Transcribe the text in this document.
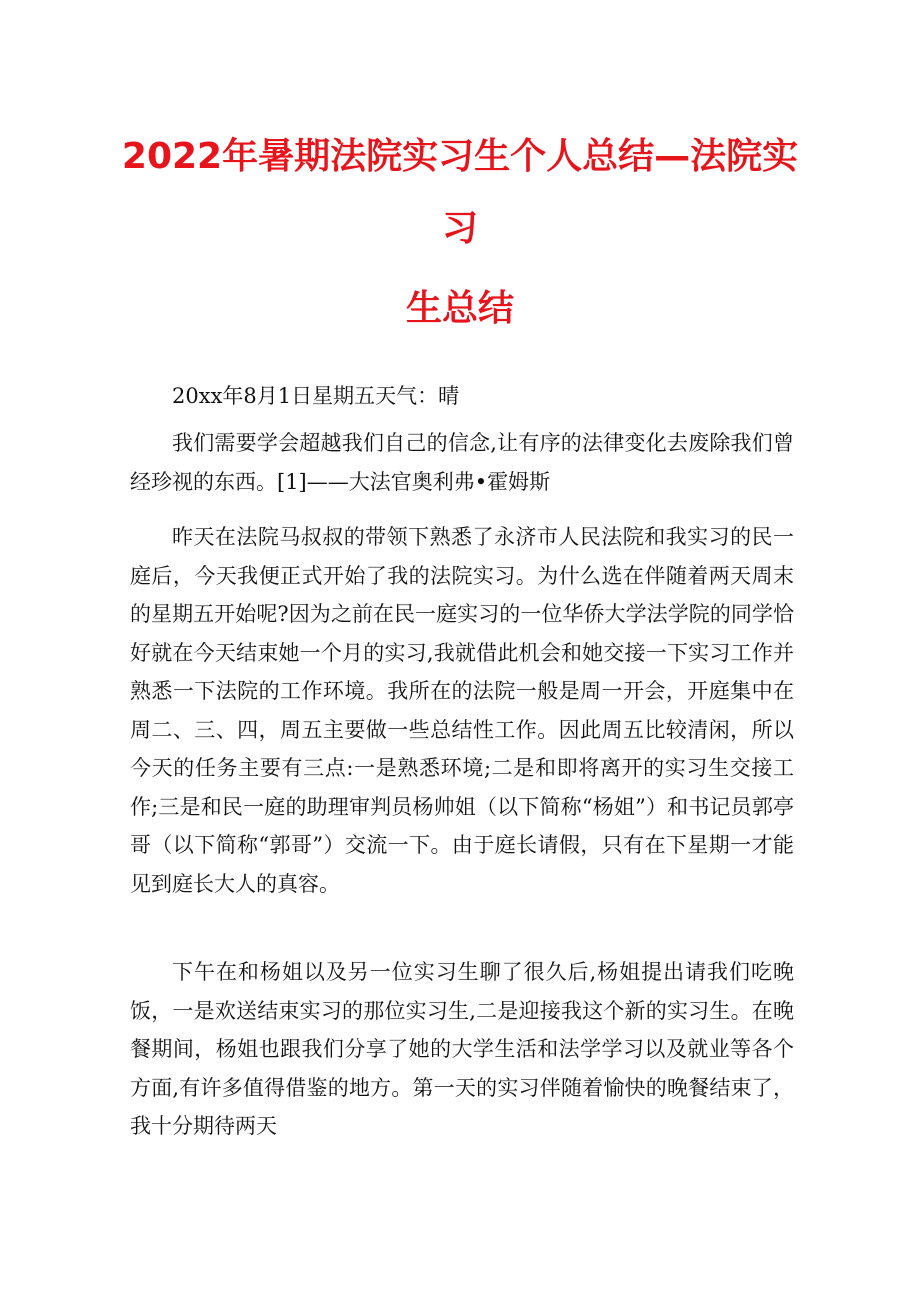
2022年暑期法院实习生个人总结—法院实
习
生总结

20xx年8月1日星期五天气：晴

我们需要学会超越我们自己的信念,让有序的法律变化去废除我们曾经珍视的东西。[1]——大法官奥利弗•霍姆斯

昨天在法院马叔叔的带领下熟悉了永济市人民法院和我实习的民一庭后，今天我便正式开始了我的法院实习。为什么选在伴随着两天周末的星期五开始呢?因为之前在民一庭实习的一位华侨大学法学院的同学恰好就在今天结束她一个月的实习,我就借此机会和她交接一下实习工作并熟悉一下法院的工作环境。我所在的法院一般是周一开会，开庭集中在周二、三、四，周五主要做一些总结性工作。因此周五比较清闲，所以今天的任务主要有三点:一是熟悉环境;二是和即将离开的实习生交接工作;三是和民一庭的助理审判员杨帅姐（以下简称“杨姐”）和书记员郭亭哥（以下简称“郭哥”）交流一下。由于庭长请假，只有在下星期一才能见到庭长大人的真容。

下午在和杨姐以及另一位实习生聊了很久后,杨姐提出请我们吃晚饭，一是欢送结束实习的那位实习生,二是迎接我这个新的实习生。在晚餐期间，杨姐也跟我们分享了她的大学生活和法学学习以及就业等各个方面,有许多值得借鉴的地方。第一天的实习伴随着愉快的晚餐结束了，我十分期待两天
